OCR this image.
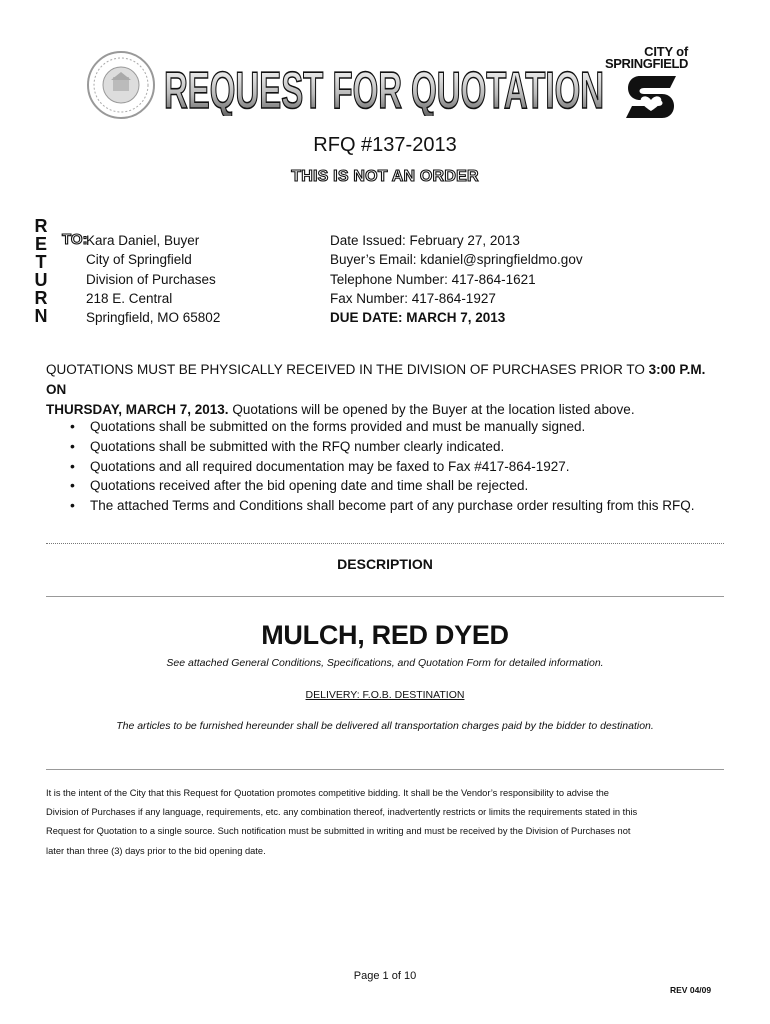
REQUEST FOR QUOTATION
CITY of
SPRINGFIELD
RFQ #137-2013
THIS IS NOT AN ORDER
R
E
T
U
R
N
TO:
Kara Daniel, Buyer
City of Springfield
Division of Purchases
218 E. Central
Springfield, MO 65802
Date Issued: February 27, 2013
Buyer’s Email: kdaniel@springfieldmo.gov
Telephone Number: 417-864-1621
Fax Number: 417-864-1927
DUE DATE: MARCH 7, 2013
QUOTATIONS MUST BE PHYSICALLY RECEIVED IN THE DIVISION OF PURCHASES PRIOR TO 3:00 P.M. ON
THURSDAY, MARCH 7, 2013. Quotations will be opened by the Buyer at the location listed above.
• Quotations shall be submitted on the forms provided and must be manually signed.
• Quotations shall be submitted with the RFQ number clearly indicated.
• Quotations and all required documentation may be faxed to Fax #417-864-1927.
• Quotations received after the bid opening date and time shall be rejected.
• The attached Terms and Conditions shall become part of any purchase order resulting from this RFQ.
DESCRIPTION
MULCH, RED DYED
See attached General Conditions, Specifications, and Quotation Form for detailed information.
DELIVERY: F.O.B. DESTINATION
The articles to be furnished hereunder shall be delivered all transportation charges paid by the bidder to destination.
It is the intent of the City that this Request for Quotation promotes competitive bidding. It shall be the Vendor’s responsibility to advise the
Division of Purchases if any language, requirements, etc. any combination thereof, inadvertently restricts or limits the requirements stated in this
Request for Quotation to a single source. Such notification must be submitted in writing and must be received by the Division of Purchases not
later than three (3) days prior to the bid opening date.
Page 1 of 10
REV 04/09
